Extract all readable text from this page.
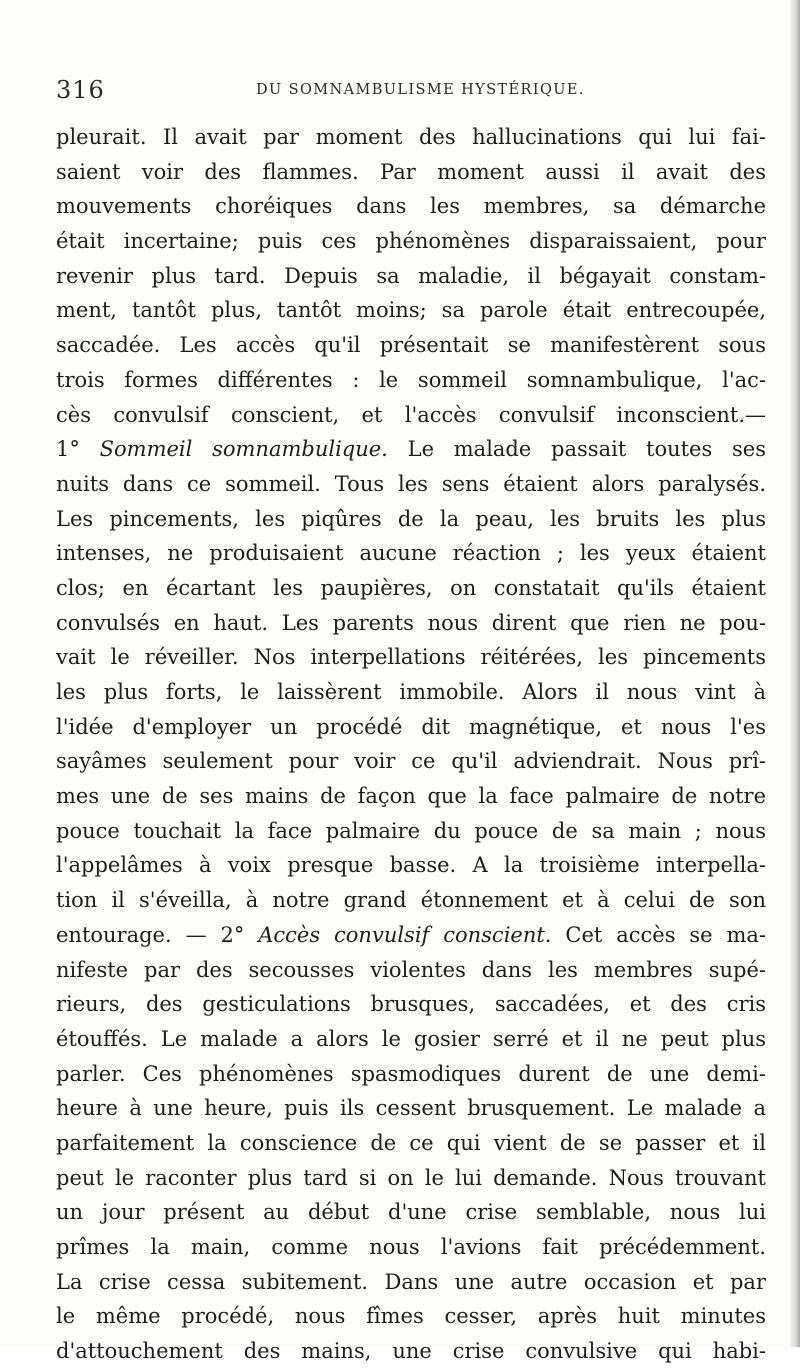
316	DU SOMNAMBULISME HYSTÉRIQUE.
pleurait. Il avait par moment des hallucinations qui lui fai-
saient voir des flammes. Par moment aussi il avait des
mouvements choréiques dans les membres, sa démarche
était incertaine; puis ces phénomènes disparaissaient, pour
revenir plus tard. Depuis sa maladie, il bégayait constam-
ment, tantôt plus, tantôt moins; sa parole était entrecoupée,
saccadée. Les accès qu'il présentait se manifestèrent sous
trois formes différentes : le sommeil somnambulique, l'ac-
cès convulsif conscient, et l'accès convulsif inconscient.—
1° Sommeil somnambulique. Le malade passait toutes ses
nuits dans ce sommeil. Tous les sens étaient alors paralysés.
Les pincements, les piqûres de la peau, les bruits les plus
intenses, ne produisaient aucune réaction ; les yeux étaient
clos; en écartant les paupières, on constatait qu'ils étaient
convulsés en haut. Les parents nous dirent que rien ne pou-
vait le réveiller. Nos interpellations réitérées, les pincements
les plus forts, le laissèrent immobile. Alors il nous vint à
l'idée d'employer un procédé dit magnétique, et nous l'es
sayâmes seulement pour voir ce qu'il adviendrait. Nous prî-
mes une de ses mains de façon que la face palmaire de notre
pouce touchait la face palmaire du pouce de sa main ; nous
l'appelâmes à voix presque basse. A la troisième interpella-
tion il s'éveilla, à notre grand étonnement et à celui de son
entourage. — 2° Accès convulsif conscient. Cet accès se ma-
nifeste par des secousses violentes dans les membres supé-
rieurs, des gesticulations brusques, saccadées, et des cris
étouffés. Le malade a alors le gosier serré et il ne peut plus
parler. Ces phénomènes spasmodiques durent de une demi-
heure à une heure, puis ils cessent brusquement. Le malade a
parfaitement la conscience de ce qui vient de se passer et il
peut le raconter plus tard si on le lui demande. Nous trouvant
un jour présent au début d'une crise semblable, nous lui
prîmes la main, comme nous l'avions fait précédemment.
La crise cessa subitement. Dans une autre occasion et par
le même procédé, nous fîmes cesser, après huit minutes
d'attouchement des mains, une crise convulsive qui habi-
